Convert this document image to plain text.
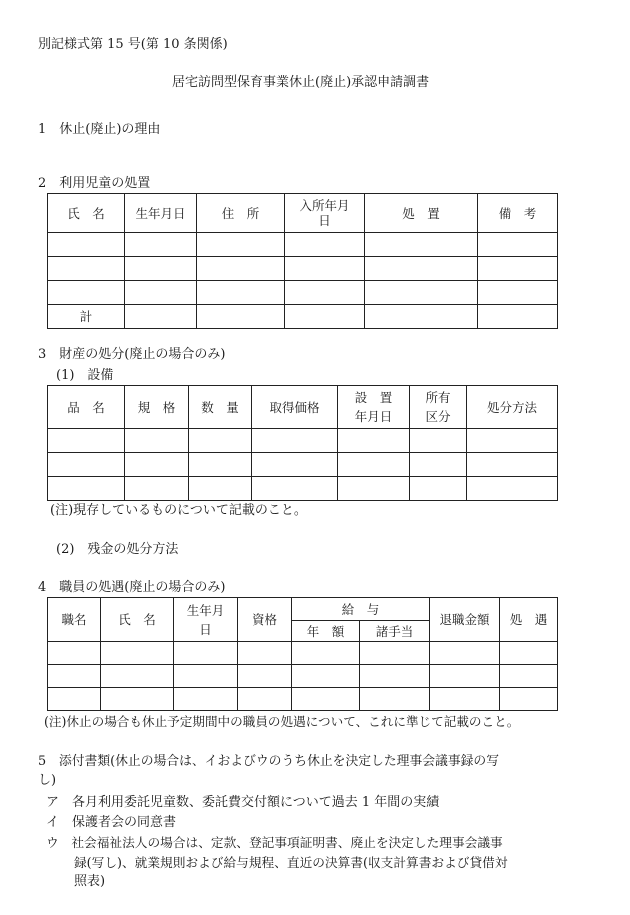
別記様式第 15 号(第 10 条関係)
居宅訪問型保育事業休止(廃止)承認申請調書
1　休止(廃止)の理由
2　利用児童の処置
氏　名	生年月日	住　所	入所年月日	処　置	備　考

計					
3　財産の処分(廃止の場合のみ)
(1)　設備
品　名	規　格	数　量	取得価格	設　置年月日	所有区分	処分方法

(注)現存しているものについて記載のこと。
(2)　残金の処分方法
4　職員の処遇(廃止の場合のみ)
職名	氏　名	生年月日	資格	給　与		退職金額	処　遇
				年　額	諸手当		

(注)休止の場合も休止予定期間中の職員の処遇について、これに準じて記載のこと。
5　添付書類(休止の場合は、イおよびウのうち休止を決定した理事会議事録の写
し)
ア　各月利用委託児童数、委託費交付額について過去 1 年間の実績
イ　保護者会の同意書
ウ　社会福祉法人の場合は、定款、登記事項証明書、廃止を決定した理事会議事
録(写し)、就業規則および給与規程、直近の決算書(収支計算書および貸借対
照表)
